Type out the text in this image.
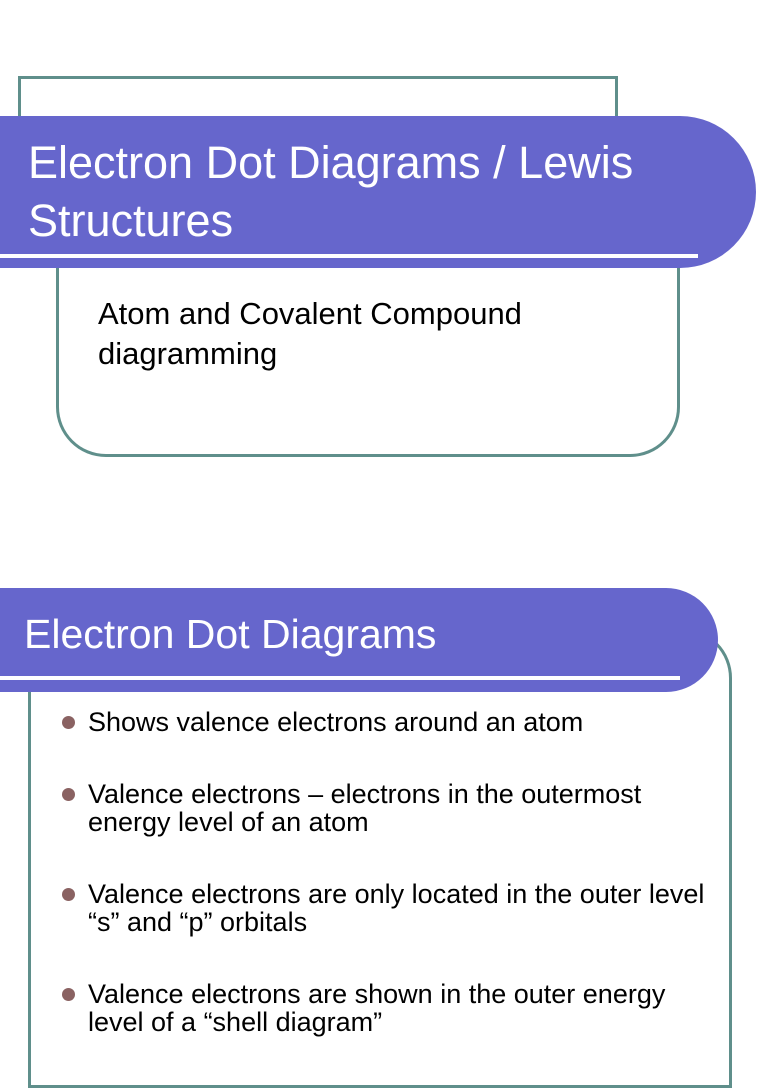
Electron Dot Diagrams / Lewis Structures
Atom and Covalent Compound diagramming
Electron Dot Diagrams
Shows valence electrons around an atom
Valence electrons – electrons in the outermost energy level of an atom
Valence electrons are only located in the outer level “s” and “p” orbitals
Valence electrons are shown in the outer energy level of a “shell diagram”
